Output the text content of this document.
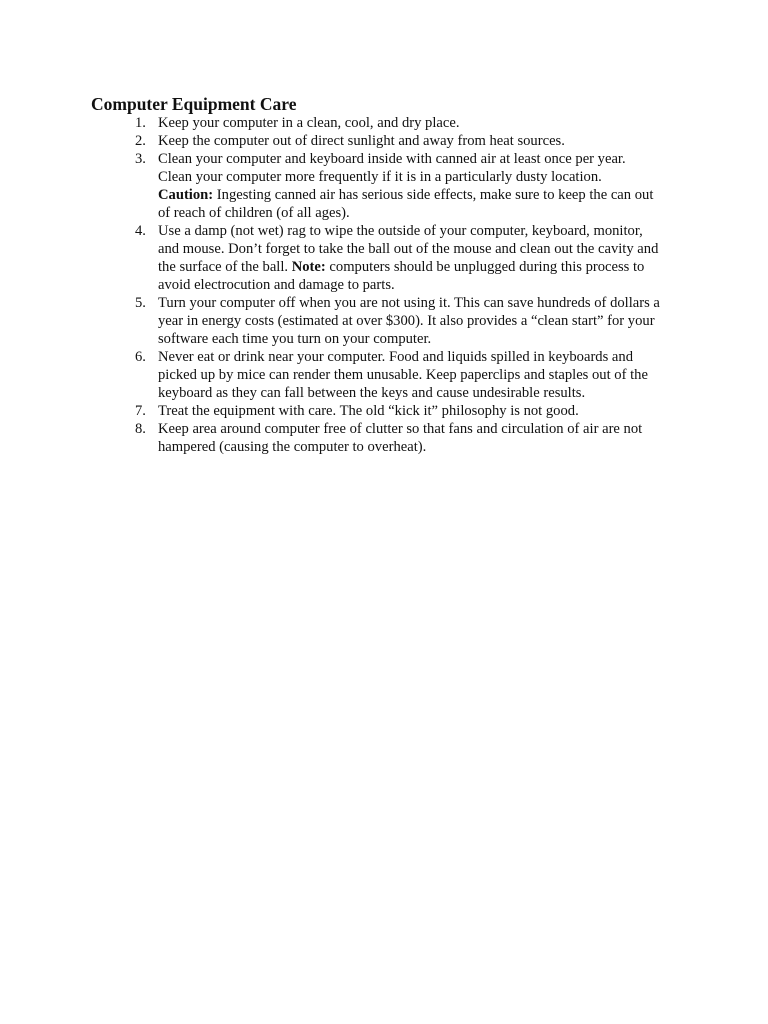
Computer Equipment Care
1. Keep your computer in a clean, cool, and dry place.
2. Keep the computer out of direct sunlight and away from heat sources.
3. Clean your computer and keyboard inside with canned air at least once per year.
Clean your computer more frequently if it is in a particularly dusty location.
Caution: Ingesting canned air has serious side effects, make sure to keep the can out
of reach of children (of all ages).
4. Use a damp (not wet) rag to wipe the outside of your computer, keyboard, monitor,
and mouse. Don’t forget to take the ball out of the mouse and clean out the cavity and
the surface of the ball. Note: computers should be unplugged during this process to
avoid electrocution and damage to parts.
5. Turn your computer off when you are not using it. This can save hundreds of dollars a
year in energy costs (estimated at over $300). It also provides a “clean start” for your
software each time you turn on your computer.
6. Never eat or drink near your computer. Food and liquids spilled in keyboards and
picked up by mice can render them unusable. Keep paperclips and staples out of the
keyboard as they can fall between the keys and cause undesirable results.
7. Treat the equipment with care. The old “kick it” philosophy is not good.
8. Keep area around computer free of clutter so that fans and circulation of air are not
hampered (causing the computer to overheat).
